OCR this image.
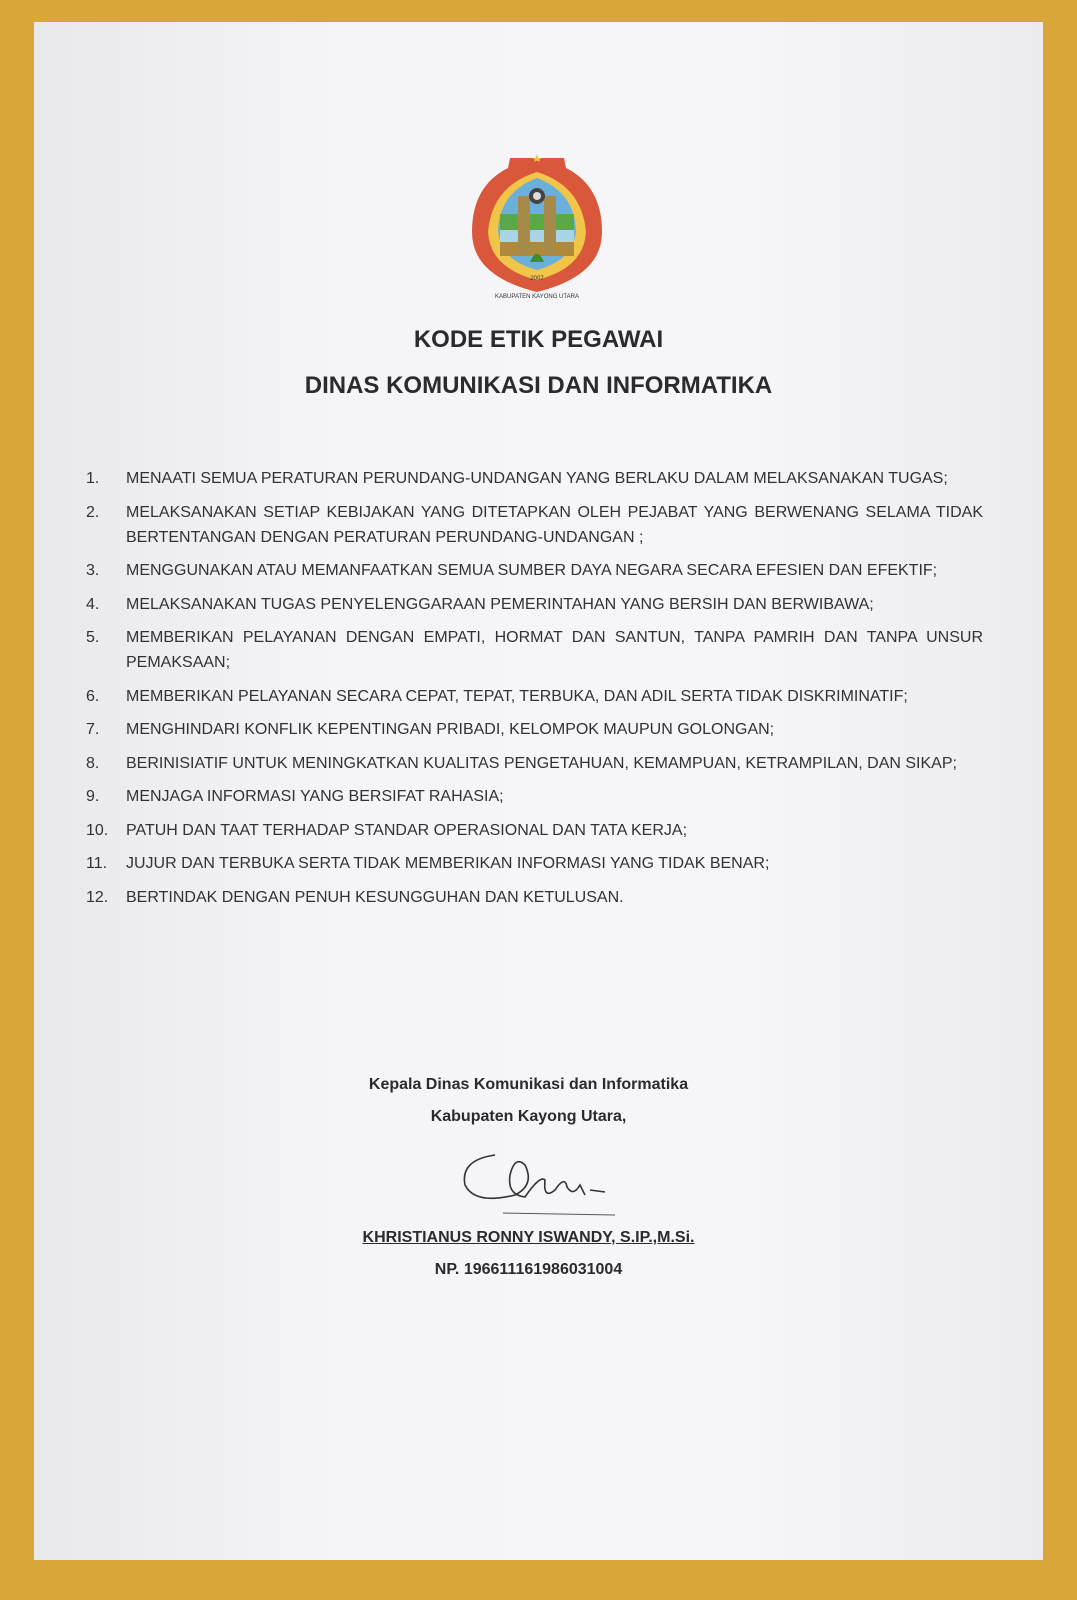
2007
KABUPATEN KAYONG UTARA
KODE ETIK PEGAWAI
DINAS KOMUNIKASI DAN INFORMATIKA
1.	MENAATI SEMUA PERATURAN PERUNDANG-UNDANGAN YANG BERLAKU DALAM MELAKSANAKAN TUGAS;
2.	MELAKSANAKAN SETIAP KEBIJAKAN YANG DITETAPKAN OLEH PEJABAT YANG BERWENANG SELAMA TIDAK BERTENTANGAN DENGAN PERATURAN PERUNDANG-UNDANGAN ;
3.	MENGGUNAKAN ATAU MEMANFAATKAN SEMUA SUMBER DAYA NEGARA SECARA EFESIEN DAN EFEKTIF;
4.	MELAKSANAKAN TUGAS PENYELENGGARAAN PEMERINTAHAN YANG BERSIH DAN BERWIBAWA;
5.	MEMBERIKAN PELAYANAN DENGAN EMPATI, HORMAT DAN SANTUN, TANPA PAMRIH DAN TANPA UNSUR PEMAKSAAN;
6.	MEMBERIKAN PELAYANAN SECARA CEPAT, TEPAT, TERBUKA, DAN ADIL SERTA TIDAK DISKRIMINATIF;
7.	MENGHINDARI KONFLIK KEPENTINGAN PRIBADI, KELOMPOK MAUPUN GOLONGAN;
8.	BERINISIATIF UNTUK MENINGKATKAN KUALITAS PENGETAHUAN, KEMAMPUAN, KETRAMPILAN, DAN SIKAP;
9.	MENJAGA INFORMASI YANG BERSIFAT RAHASIA;
10.	PATUH DAN TAAT TERHADAP STANDAR OPERASIONAL DAN TATA KERJA;
11.	JUJUR DAN TERBUKA SERTA TIDAK MEMBERIKAN INFORMASI YANG TIDAK BENAR;
12.	BERTINDAK DENGAN PENUH KESUNGGUHAN DAN KETULUSAN.
Kepala Dinas Komunikasi dan Informatika
Kabupaten Kayong Utara,
KHRISTIANUS RONNY ISWANDY, S.IP.,M.Si.
NP. 196611161986031004
